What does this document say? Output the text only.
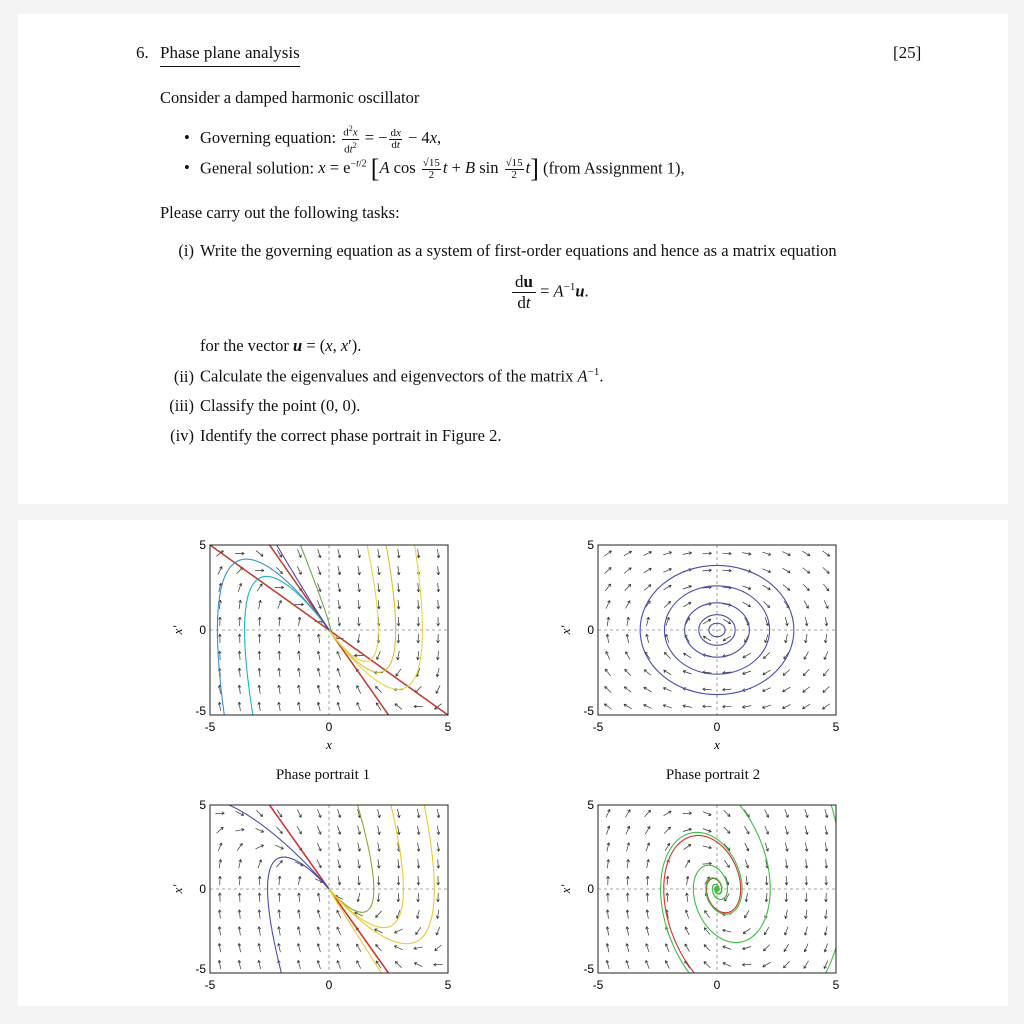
6. Phase plane analysis	[25]
Consider a damped harmonic oscillator
• Governing equation: $\frac{d^2x}{dt^2}$ = − $\frac{dx}{dt} - 4x$,
• General solution: $x = e^{-t/2}$ [A $\cos \frac{√15}{2}$ t + B $\sin \frac{√15}{2} t$] (from Assignment 1),
Please carry out the following tasks:
(i) Write the governing equation as a system of first-order equations and hence as a matrix equation
$\frac{du}{dt} = A^{-1}u$.
for the vector u = (x, x′).
(ii) Calculate the eigenvalues and eigenvectors of the matrix $A^{-1}$.
(iii) Classify the point (0, 0).
(iv) Identify the correct phase portrait in Figure 2.
-5	0	5
5
0
-5
x
x′
Phase portrait 1
-5	0	5
5
0
-5
x
x′
Phase portrait 2
-5	0	5
5
0
-5
x′
-5	0	5
5
0
-5
x′
